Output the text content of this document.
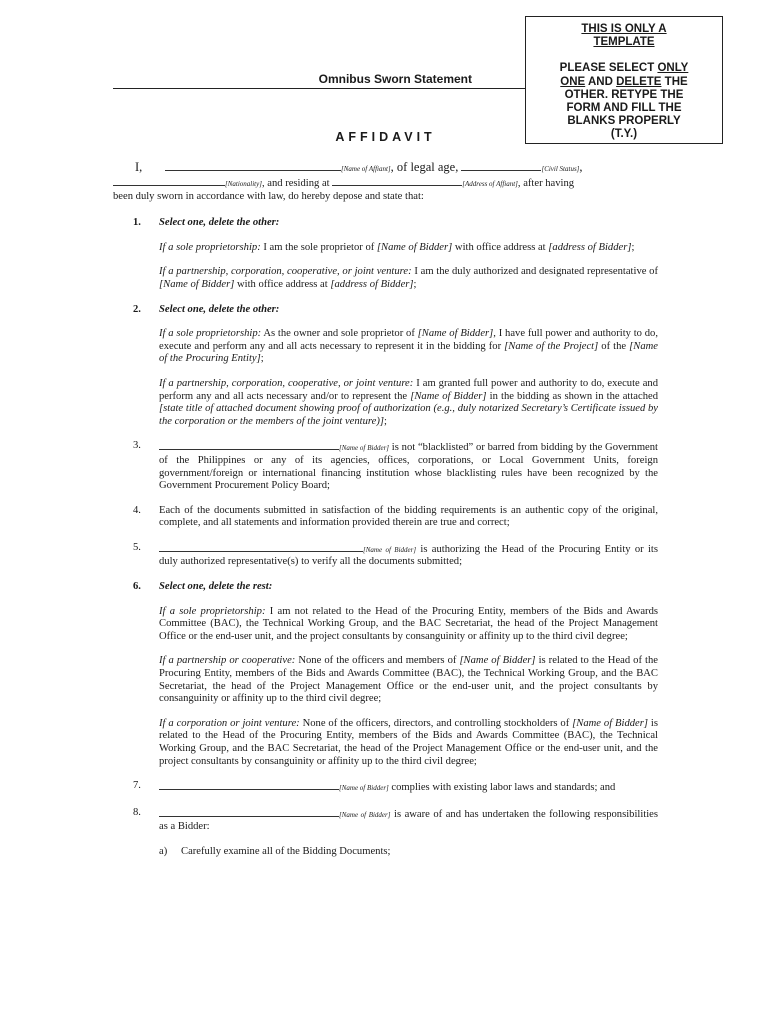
THIS IS ONLY A
TEMPLATE
PLEASE SELECT ONLY
ONE AND DELETE THE
OTHER. RETYPE THE
FORM AND FILL THE
BLANKS PROPERLY
(T.Y.)
Omnibus Sworn Statement
AFFIDAVIT
I,	[Name of Affiant], of legal age,	[Civil Status],
[Nationality], and residing at	[Address of Affiant], after having
been duly sworn in accordance with law, do hereby depose and state that:
1. Select one, delete the other:
If a sole proprietorship: I am the sole proprietor of [Name of Bidder] with office address at [address of Bidder];
If a partnership, corporation, cooperative, or joint venture: I am the duly authorized and designated representative of [Name of Bidder] with office address at [address of Bidder];
2. Select one, delete the other:
If a sole proprietorship: As the owner and sole proprietor of [Name of Bidder], I have full power and authority to do, execute and perform any and all acts necessary to represent it in the bidding for [Name of the Project] of the [Name of the Procuring Entity];
If a partnership, corporation, cooperative, or joint venture: I am granted full power and authority to do, execute and perform any and all acts necessary and/or to represent the [Name of Bidder] in the bidding as shown in the attached [state title of attached document showing proof of authorization (e.g., duly notarized Secretary’s Certificate issued by the corporation or the members of the joint venture)];
3.	[Name of Bidder] is not “blacklisted” or barred from bidding by the Government of the Philippines or any of its agencies, offices, corporations, or Local Government Units, foreign government/foreign or international financing institution whose blacklisting rules have been recognized by the Government Procurement Policy Board;
4. Each of the documents submitted in satisfaction of the bidding requirements is an authentic copy of the original, complete, and all statements and information provided therein are true and correct;
5.	[Name of Bidder] is authorizing the Head of the Procuring Entity or its duly authorized representative(s) to verify all the documents submitted;
6. Select one, delete the rest:
If a sole proprietorship: I am not related to the Head of the Procuring Entity, members of the Bids and Awards Committee (BAC), the Technical Working Group, and the BAC Secretariat, the head of the Project Management Office or the end-user unit, and the project consultants by consanguinity or affinity up to the third civil degree;
If a partnership or cooperative: None of the officers and members of [Name of Bidder] is related to the Head of the Procuring Entity, members of the Bids and Awards Committee (BAC), the Technical Working Group, and the BAC Secretariat, the head of the Project Management Office or the end-user unit, and the project consultants by consanguinity or affinity up to the third civil degree;
If a corporation or joint venture: None of the officers, directors, and controlling stockholders of [Name of Bidder] is related to the Head of the Procuring Entity, members of the Bids and Awards Committee (BAC), the Technical Working Group, and the BAC Secretariat, the head of the Project Management Office or the end-user unit, and the project consultants by consanguinity or affinity up to the third civil degree;
7.	[Name of Bidder] complies with existing labor laws and standards; and
8.	[Name of Bidder] is aware of and has undertaken the following responsibilities as a Bidder:
a) Carefully examine all of the Bidding Documents;
